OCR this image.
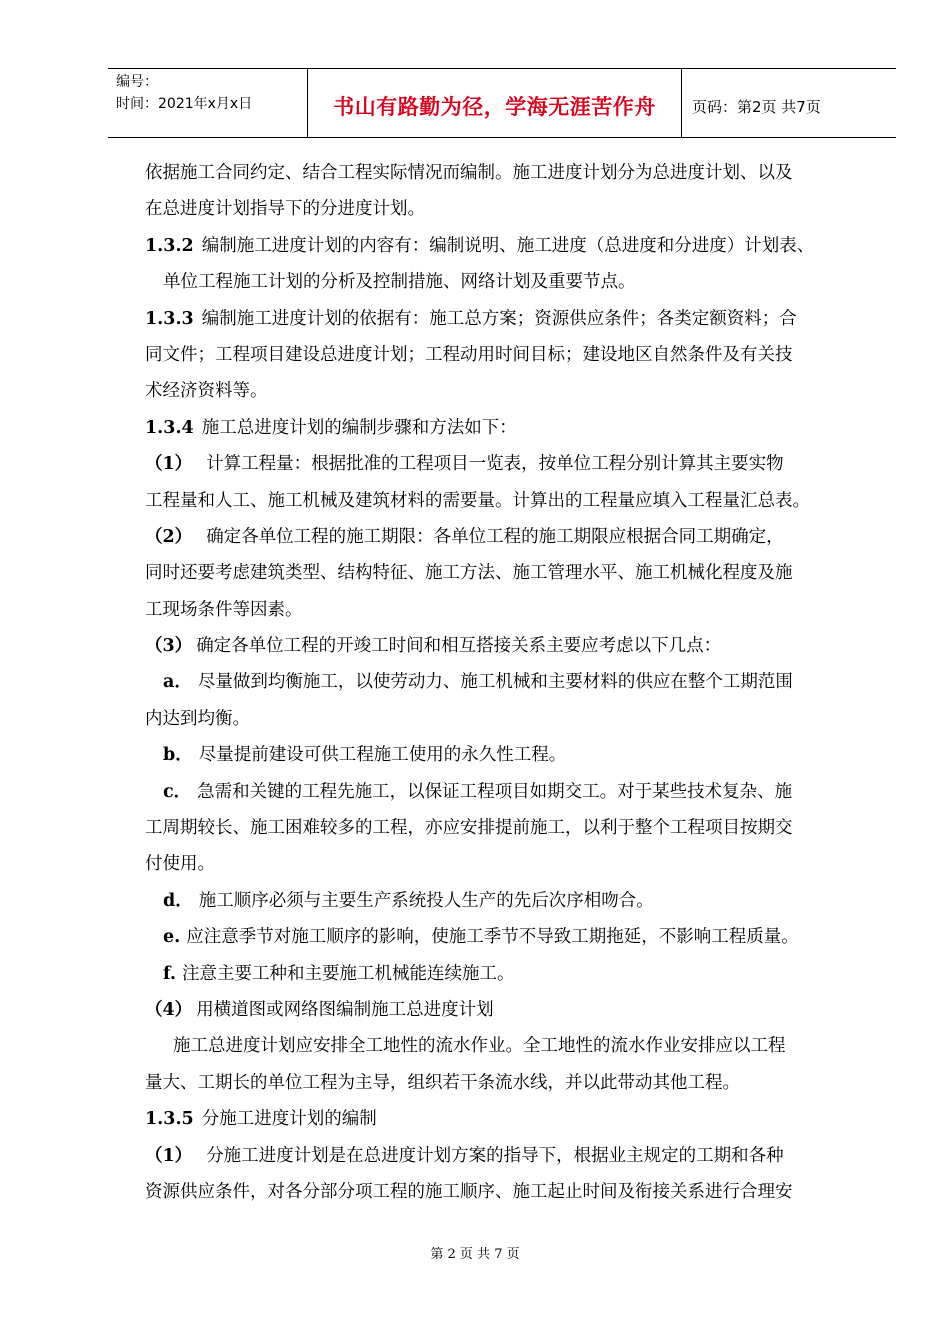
编号：
时间：2021年x月x日	书山有路勤为径，学海无涯苦作舟 页码：第2页 共7页
依据施工合同约定、结合工程实际情况而编制。施工进度计划分为总进度计划、以及
在总进度计划指导下的分进度计划。
1.3.2 编制施工进度计划的内容有：编制说明、施工进度（总进度和分进度）计划表、
单位工程施工计划的分析及控制措施、网络计划及重要节点。
1.3.3 编制施工进度计划的依据有：施工总方案；资源供应条件；各类定额资料；合
同文件；工程项目建设总进度计划；工程动用时间目标；建设地区自然条件及有关技
术经济资料等。
1.3.4 施工总进度计划的编制步骤和方法如下：
（1） 计算工程量：根据批准的工程项目一览表，按单位工程分别计算其主要实物
工程量和人工、施工机械及建筑材料的需要量。计算出的工程量应填入工程量汇总表。
（2） 确定各单位工程的施工期限：各单位工程的施工期限应根据合同工期确定，
同时还要考虑建筑类型、结构特征、施工方法、施工管理水平、施工机械化程度及施
工现场条件等因素。
（3） 确定各单位工程的开竣工时间和相互搭接关系主要应考虑以下几点：
a． 尽量做到均衡施工，以使劳动力、施工机械和主要材料的供应在整个工期范围
内达到均衡。
b． 尽量提前建设可供工程施工使用的永久性工程。
c． 急需和关键的工程先施工，以保证工程项目如期交工。对于某些技术复杂、施
工周期较长、施工困难较多的工程，亦应安排提前施工，以利于整个工程项目按期交
付使用。
d． 施工顺序必须与主要生产系统投人生产的先后次序相吻合。
e. 应注意季节对施工顺序的影响，使施工季节不导致工期拖延，不影响工程质量。
f. 注意主要工种和主要施工机械能连续施工。
（4） 用横道图或网络图编制施工总进度计划
施工总进度计划应安排全工地性的流水作业。全工地性的流水作业安排应以工程
量大、工期长的单位工程为主导，组织若干条流水线，并以此带动其他工程。
1.3.5 分施工进度计划的编制
（1） 分施工进度计划是在总进度计划方案的指导下，根据业主规定的工期和各种
资源供应条件，对各分部分项工程的施工顺序、施工起止时间及衔接关系进行合理安
第 2 页 共 7 页
